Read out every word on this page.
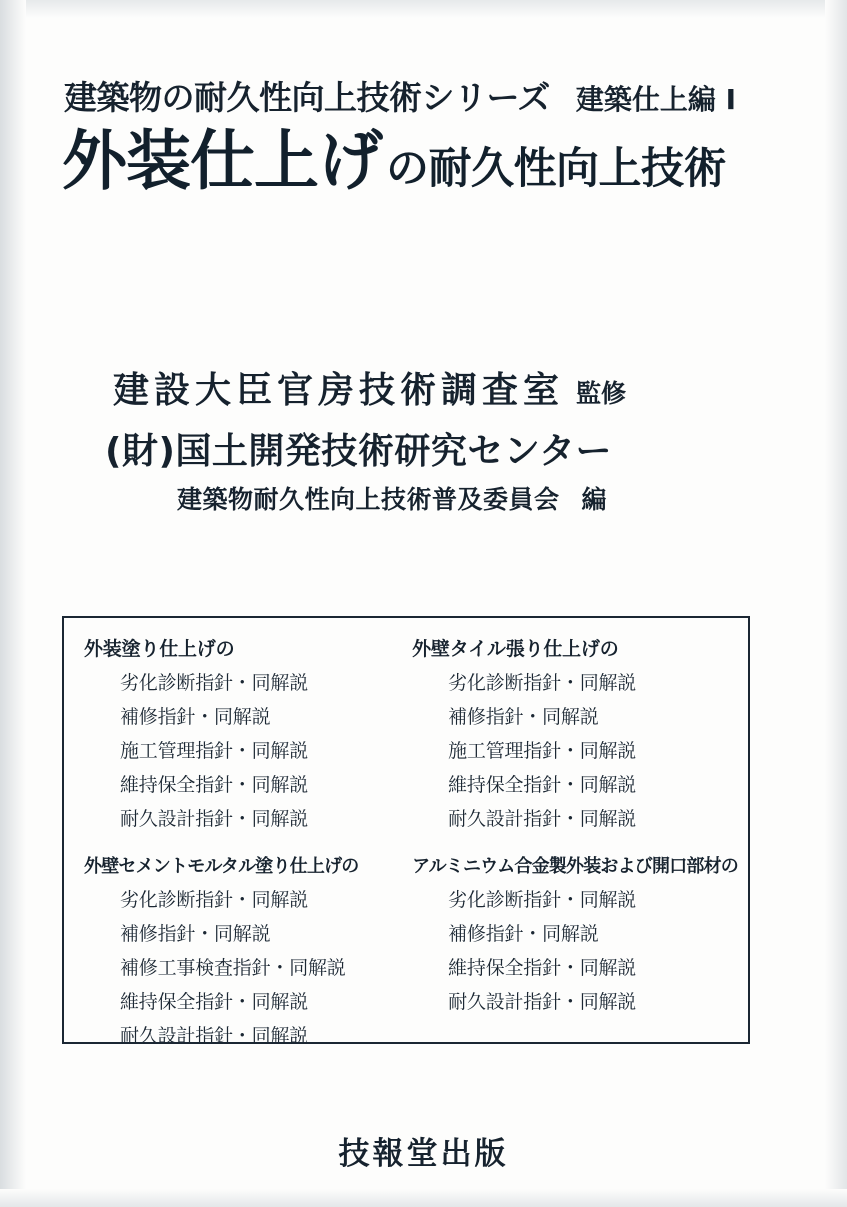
建築物の耐久性向上技術シリーズ 建築仕上編 I
外装仕上げ の耐久性向上技術
建設大臣官房技術調査室 監修
(財)国土開発技術研究センター
建築物耐久性向上技術普及委員会 編
外装塗り仕上げの
劣化診断指針・同解説
補修指針・同解説
施工管理指針・同解説
維持保全指針・同解説
耐久設計指針・同解説
外壁タイル張り仕上げの
劣化診断指針・同解説
補修指針・同解説
施工管理指針・同解説
維持保全指針・同解説
耐久設計指針・同解説
外壁セメントモルタル塗り仕上げの
劣化診断指針・同解説
補修指針・同解説
補修工事検査指針・同解説
維持保全指針・同解説
耐久設計指針・同解説
アルミニウム合金製外装および開口部材の
劣化診断指針・同解説
補修指針・同解説
維持保全指針・同解説
耐久設計指針・同解説
技報堂出版
